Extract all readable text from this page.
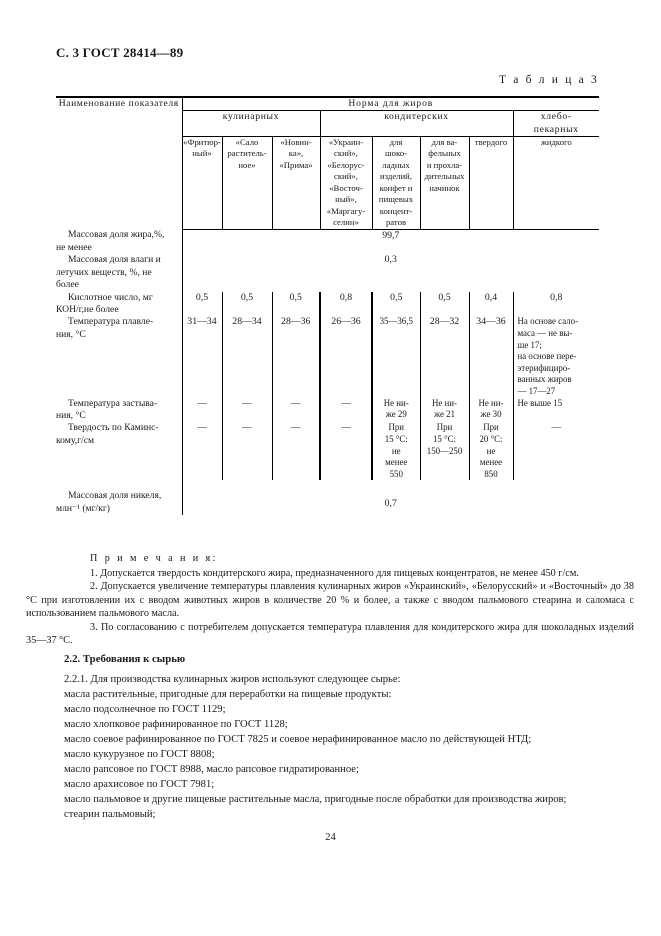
С. 3 ГОСТ 28414—89
Т а б л и ц а 3
Наименование показателя	Норма для жиров							
	кулинарных			кондитерских				хлебо-
пекарных
«Фритюр-
ный»	«Сало
раститель-
ное»	«Новин-
ка»,
«Прима»	«Украин-
ский»,
«Белорус-
ский»,
«Восточ-
ный»,
«Маргагу-
селин»	для
шоко-
ладных
изделий,
конфет и
пищевых
концент-
ратов	для ва-
фельных
и прохла-
дительных
начинок	твердого	жидкого

Массовая доля жира,%,
не менее	99,7							

Массовая доля влаги и
летучих веществ, %, не
более	0,3							

Кислотное число, мг
КОН/г,не более	0,5	0,5	0,5	0,8	0,5	0,5	0,4	0,8

Температура плавле-
ния, °С	31—34	28—34	28—36	26—36	35—36,5	28—32	34—36	На основе сало-
маса — не вы-
ше 17;
на основе пере-
этерифициро-
ванных жиров
— 17—27

Температура застыва-
ния, °С	—	—	—	—	Не ни-
же 29	Не ни-
же 21	Не ни-
же 30	Не выше 15

Твердость по Каминс-
кому,г/см	—	—	—	—	При
15 °С:
не
менее
550	При
15 °С:
150—250	При
20 °С:
не
менее
850	—

Массовая доля никеля,
млн⁻¹ (мг/кг)	0,7							
П р и м е ч а н и я:

1. Допускается твердость кондитерского жира, предназначенного для пищевых концентратов, не менее 450 г/см.

2. Допускается увеличение температуры плавления кулинарных жиров «Украинский», «Белорусский» и «Восточный» до 38 °С при изготовлении их с вводом животных жиров в количестве 20 % и более, а также с вводом пальмового стеарина и саломаса с использованием пальмового масла.

3. По согласованию с потребителем допускается температура плавления для кондитерского жира для шоколадных изделий 35—37 °С.

2.2. Требования к сырью

2.2.1. Для производства кулинарных жиров используют следующее сырье:

масла растительные, пригодные для переработки на пищевые продукты:

масло подсолнечное по ГОСТ 1129;

масло хлопковое рафинированное по ГОСТ 1128;

масло соевое рафинированное по ГОСТ 7825 и соевое нерафинированное масло по действующей НТД;

масло кукурузное по ГОСТ 8808;

масло рапсовое по ГОСТ 8988, масло рапсовое гидратированное;

масло арахисовое по ГОСТ 7981;

масло пальмовое и другие пищевые растительные масла, пригодные после обработки для производства жиров;

стеарин пальмовый;

24
